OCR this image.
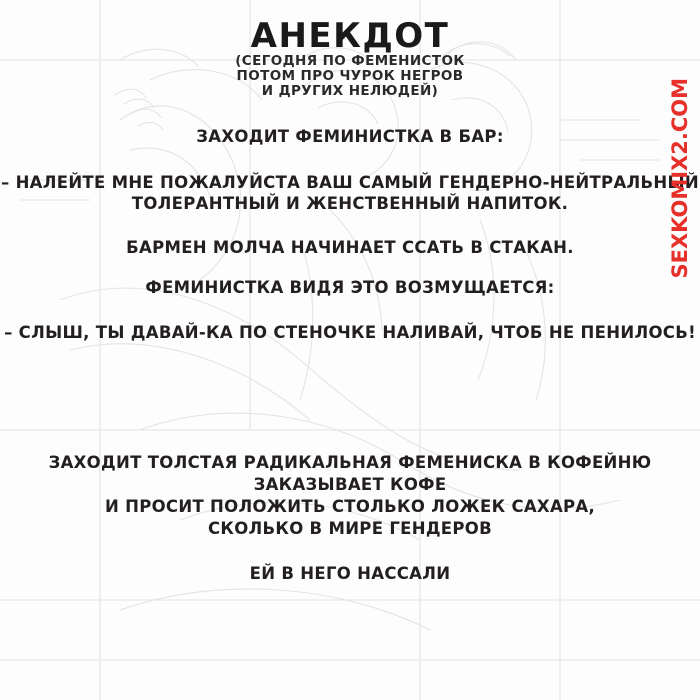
АНЕКДОТ
(СЕГОДНЯ ПО ФЕМЕНИСТОК
ПОТОМ ПРО ЧУРОК НЕГРОВ
И ДРУГИХ НЕЛЮДЕЙ)
ЗАХОДИТ ФЕМИНИСТКА В БАР:
– НАЛЕЙТЕ МНЕ ПОЖАЛУЙСТА ВАШ САМЫЙ ГЕНДЕРНО-НЕЙТРАЛЬНЫЙ
ТОЛЕРАНТНЫЙ И ЖЕНСТВЕННЫЙ НАПИТОК.
БАРМЕН МОЛЧА НАЧИНАЕТ ССАТЬ В СТАКАН.
ФЕМИНИСТКА ВИДЯ ЭТО ВОЗМУЩАЕТСЯ:
– СЛЫШ, ТЫ ДАВАЙ-КА ПО СТЕНОЧКЕ НАЛИВАЙ, ЧТОБ НЕ ПЕНИЛОСЬ!
ЗАХОДИТ ТОЛСТАЯ РАДИКАЛЬНАЯ ФЕМЕНИСКА В КОФЕЙНЮ
ЗАКАЗЫВАЕТ КОФЕ
И ПРОСИТ ПОЛОЖИТЬ СТОЛЬКО ЛОЖЕК САХАРА,
СКОЛЬКО В МИРЕ ГЕНДЕРОВ
ЕЙ В НЕГО НАССАЛИ
SEXKOMIX2.COM
